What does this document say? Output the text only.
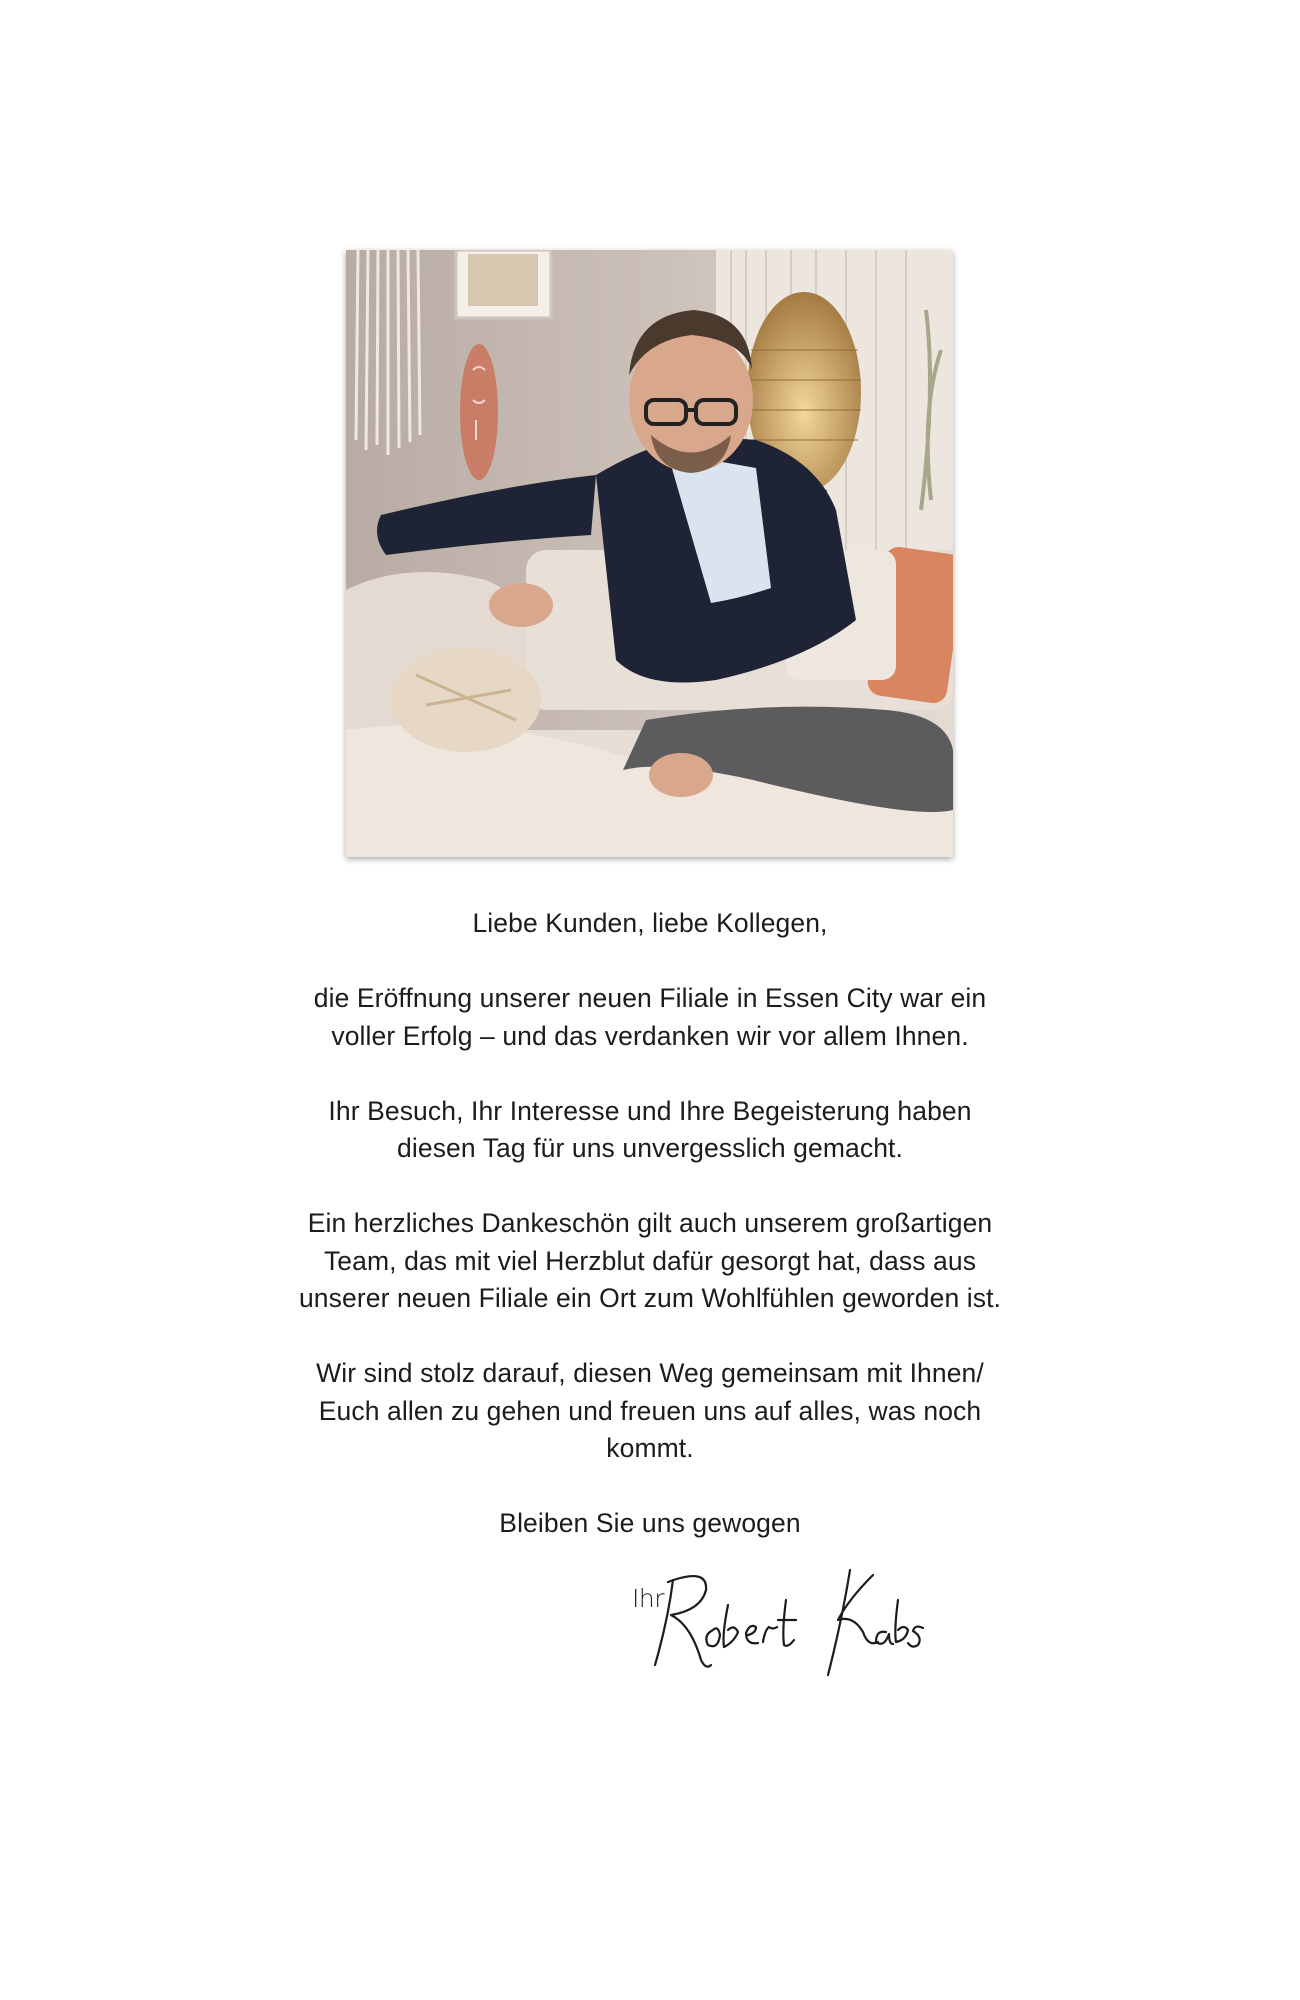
Liebe Kunden, liebe Kollegen,

die Eröffnung unserer neuen Filiale in Essen City war ein
voller Erfolg – und das verdanken wir vor allem Ihnen.

Ihr Besuch, Ihr Interesse und Ihre Begeisterung haben
diesen Tag für uns unvergesslich gemacht.

Ein herzliches Dankeschön gilt auch unserem großartigen
Team, das mit viel Herzblut dafür gesorgt hat, dass aus
unserer neuen Filiale ein Ort zum Wohlfühlen geworden ist.

Wir sind stolz darauf, diesen Weg gemeinsam mit Ihnen/
Euch allen zu gehen und freuen uns auf alles, was noch
kommt.

Bleiben Sie uns gewogen

Ihr
